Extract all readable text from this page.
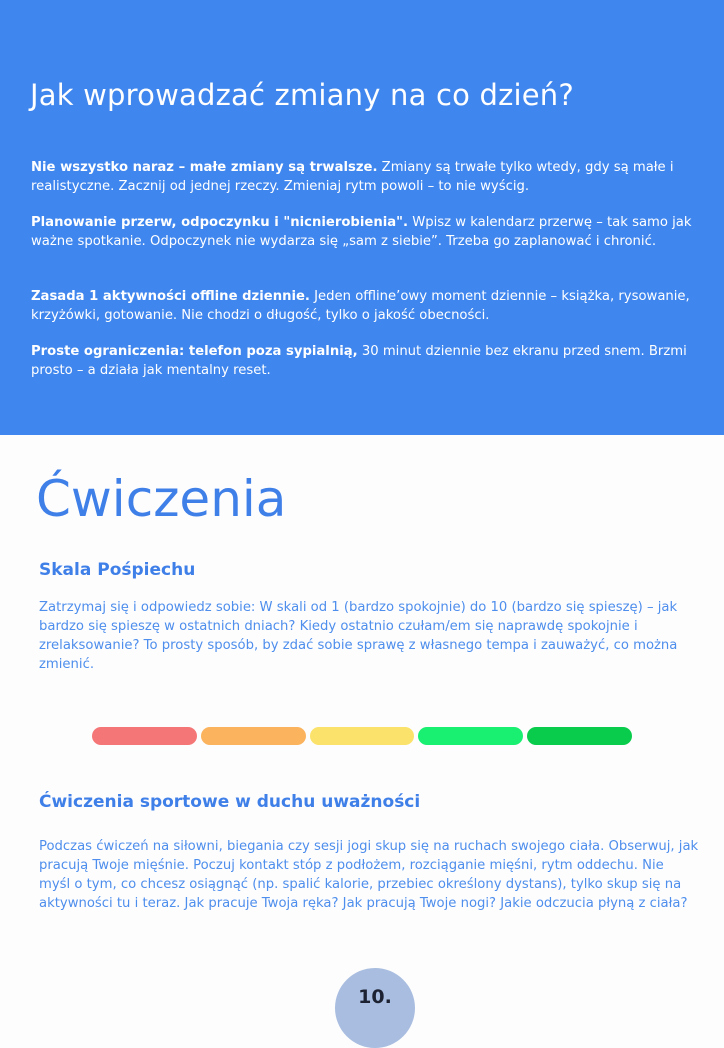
Jak wprowadzać zmiany na co dzień?

Nie wszystko naraz – małe zmiany są trwalsze. Zmiany są trwałe tylko wtedy, gdy są małe i realistyczne. Zacznij od jednej rzeczy. Zmieniaj rytm powoli – to nie wyścig.

Planowanie przerw, odpoczynku i "nicnierobienia". Wpisz w kalendarz przerwę – tak samo jak ważne spotkanie. Odpoczynek nie wydarza się „sam z siebie”. Trzeba go zaplanować i chronić.

Zasada 1 aktywności offline dziennie. Jeden offline’owy moment dziennie – książka, rysowanie, krzyżówki, gotowanie. Nie chodzi o długość, tylko o jakość obecności.

Proste ograniczenia: telefon poza sypialnią, 30 minut dziennie bez ekranu przed snem. Brzmi prosto – a działa jak mentalny reset.

Ćwiczenia
Skala Pośpiechu

Zatrzymaj się i odpowiedz sobie: W skali od 1 (bardzo spokojnie) do 10 (bardzo się spieszę) – jak bardzo się spieszę w ostatnich dniach? Kiedy ostatnio czułam/em się naprawdę spokojnie i zrelaksowanie? To prosty sposób, by zdać sobie sprawę z własnego tempa i zauważyć, co można zmienić.

Ćwiczenia sportowe w duchu uważności

Podczas ćwiczeń na siłowni, biegania czy sesji jogi skup się na ruchach swojego ciała. Obserwuj, jak pracują Twoje mięśnie. Poczuj kontakt stóp z podłożem, rozciąganie mięśni, rytm oddechu. Nie myśl o tym, co chcesz osiągnąć (np. spalić kalorie, przebiec określony dystans), tylko skup się na aktywności tu i teraz. Jak pracuje Twoja ręka? Jak pracują Twoje nogi? Jakie odczucia płyną z ciała?

10.
